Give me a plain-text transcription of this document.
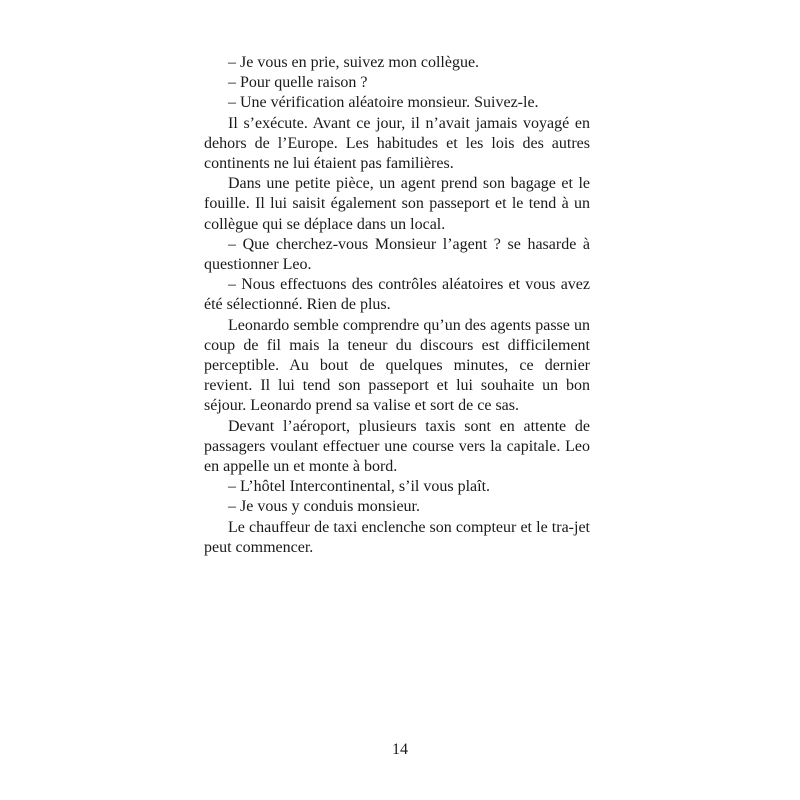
– Je vous en prie, suivez mon collègue.

– Pour quelle raison ?

– Une vérification aléatoire monsieur. Suivez-le.

Il s’exécute. Avant ce jour, il n’avait jamais voyagé en dehors de l’Europe. Les habitudes et les lois des autres continents ne lui étaient pas familières.

Dans une petite pièce, un agent prend son bagage et le fouille. Il lui saisit également son passeport et le tend à un collègue qui se déplace dans un local.

– Que cherchez-vous Monsieur l’agent ? se hasarde à questionner Leo.

– Nous effectuons des contrôles aléatoires et vous avez été sélectionné. Rien de plus.

Leonardo semble comprendre qu’un des agents passe un coup de fil mais la teneur du discours est difficilement perceptible. Au bout de quelques minutes, ce dernier revient. Il lui tend son passeport et lui souhaite un bon séjour. Leonardo prend sa valise et sort de ce sas.

Devant l’aéroport, plusieurs taxis sont en attente de passagers voulant effectuer une course vers la capitale. Leo en appelle un et monte à bord.

– L’hôtel Intercontinental, s’il vous plaît.

– Je vous y conduis monsieur.

Le chauffeur de taxi enclenche son compteur et le tra-jet peut commencer.

14
